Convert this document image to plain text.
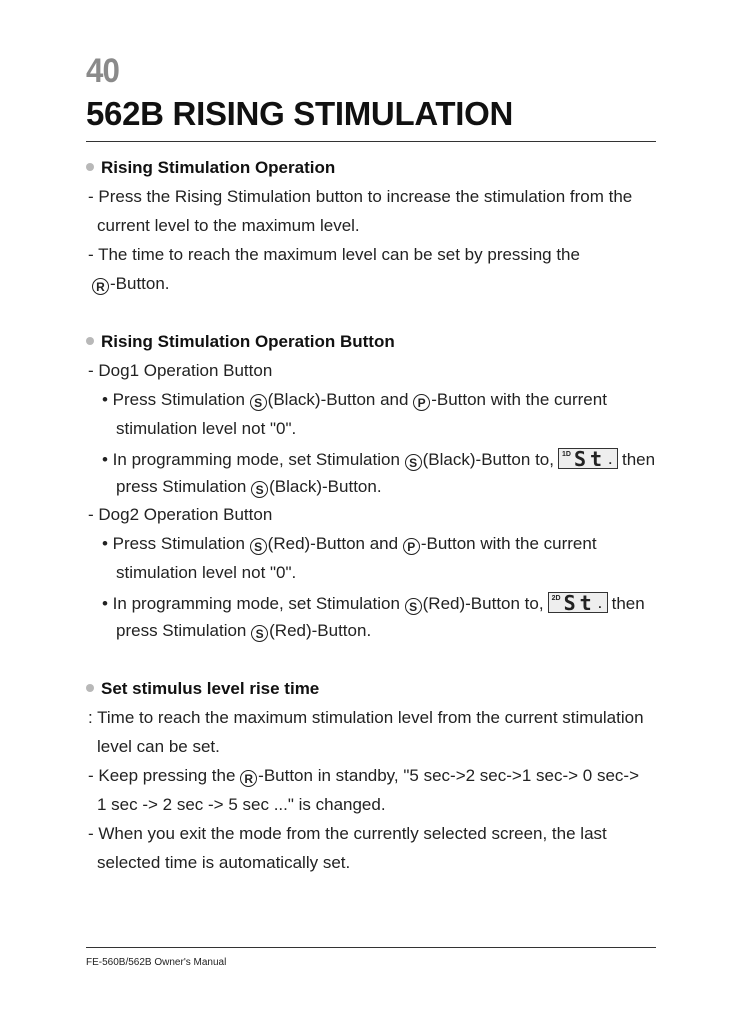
40
562B RISING STIMULATION
Rising Stimulation Operation
- Press the Rising Stimulation button to increase the stimulation from the
current level to the maximum level.
- The time to reach the maximum level can be set by pressing the
R -Button.
Rising Stimulation Operation Button
- Dog1 Operation Button
• Press Stimulation S (Black)-Button and P -Button with the current
stimulation level not "0".
• In programming mode, set Stimulation S (Black)-Button to, 1D St . then
press Stimulation S (Black)-Button.
- Dog2 Operation Button
• Press Stimulation S (Red)-Button and P -Button with the current
stimulation level not "0".
• In programming mode, set Stimulation S (Red)-Button to, 2D St . then
press Stimulation S (Red)-Button.
Set stimulus level rise time
: Time to reach the maximum stimulation level from the current stimulation
level can be set.
- Keep pressing the R -Button in standby, "5 sec->2 sec->1 sec-> 0 sec->
1 sec -> 2 sec -> 5 sec ..." is changed.
- When you exit the mode from the currently selected screen, the last
selected time is automatically set.
FE-560B/562B Owner's Manual
